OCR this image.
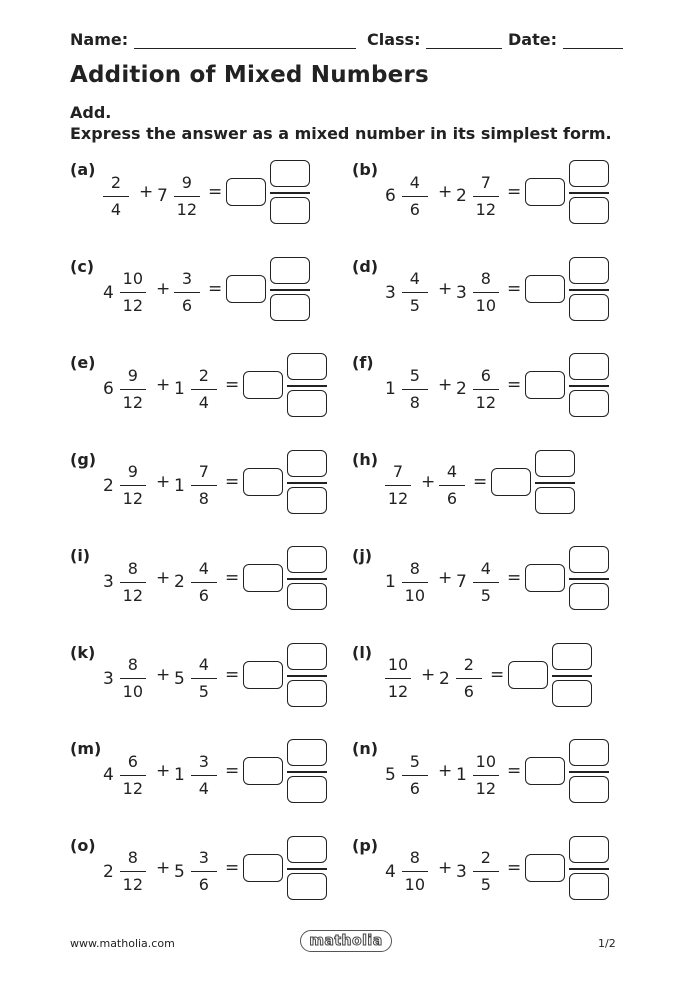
Name:	Class:	Date:
Addition of Mixed Numbers
Add.
Express the answer as a mixed number in its simplest form.
(a)
$\frac{2}{4} + 7 \frac{9}{12}$ =
(b)
$6 \frac{4}{6} + 2 \frac{7}{12}$ =
(c)
$4 \frac{10}{12} + \frac{3}{6}$ =
(d)
$3 \frac{4}{5} + 3 \frac{8}{10}$ =
(e)
$6 \frac{9}{12} + 1 \frac{2}{4}$ =
(f)
$1 \frac{5}{8} + 2 \frac{6}{12}$ =
(g)
$2 \frac{9}{12} + 1 \frac{7}{8}$ =
(h)
$\frac{7}{12} + \frac{4}{6}$ =
(i)
$3 \frac{8}{12} + 2 \frac{4}{6}$ =
(j)
$1 \frac{8}{10} + 7 \frac{4}{5}$ =
(k)
$3 \frac{8}{10} + 5 \frac{4}{5}$ =
(l)
$\frac{10}{12} + 2 \frac{2}{6}$ =
(m)
$4 \frac{6}{12} + 1 \frac{3}{4}$ =
(n)
$5 \frac{5}{6} + 1 \frac{10}{12}$ =
(o)
$2 \frac{8}{12} + 5 \frac{3}{6}$ =
(p)
$4 \frac{8}{10} + 3 \frac{2}{5}$ =
www.matholia.com	matholia	1/2
